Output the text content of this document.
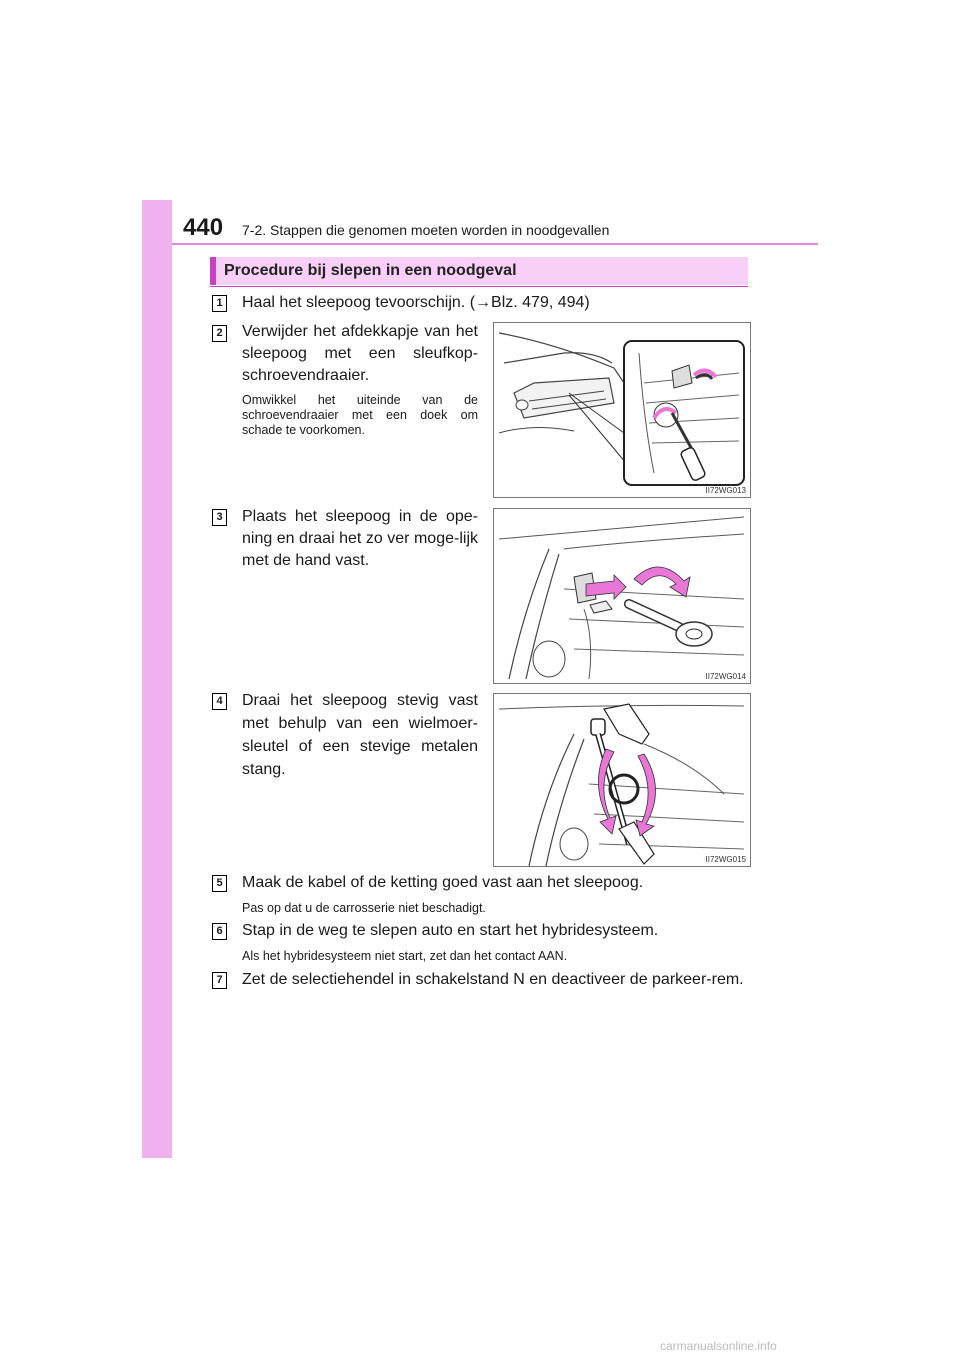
440 7-2. Stappen die genomen moeten worden in noodgevallen
Procedure bij slepen in een noodgeval
1 Haal het sleepoog tevoorschijn. (→Blz. 479, 494)
2 Verwijder het afdekkapje van het sleepoog met een sleufkop-schroevendraaier.
Omwikkel het uiteinde van de schroevendraaier met een doek om schade te voorkomen.
II72WG013
3 Plaats het sleepoog in de ope-ning en draai het zo ver moge-lijk met de hand vast.
II72WG014
4 Draai het sleepoog stevig vast met behulp van een wielmoer-sleutel of een stevige metalen stang.
II72WG015
5 Maak de kabel of de ketting goed vast aan het sleepoog.
Pas op dat u de carrosserie niet beschadigt.
6 Stap in de weg te slepen auto en start het hybridesysteem.
Als het hybridesysteem niet start, zet dan het contact AAN.
7 Zet de selectiehendel in schakelstand N en deactiveer de parkeer-rem.
carmanualsonline.info
